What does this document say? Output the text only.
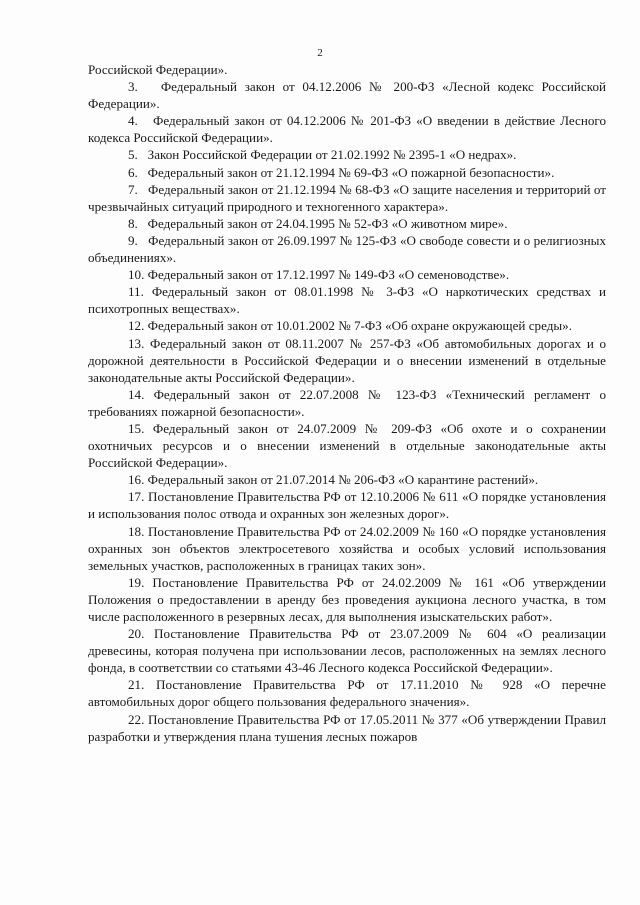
2

Российской Федерации».

3.   Федеральный закон от 04.12.2006 № 200-ФЗ «Лесной кодекс Российской Федерации».

4.   Федеральный закон от 04.12.2006 № 201-ФЗ «О введении в действие Лесного кодекса Российской Федерации».

5.   Закон Российской Федерации от 21.02.1992 № 2395-1 «О недрах».

6.   Федеральный закон от 21.12.1994 № 69-ФЗ «О пожарной безопасности».

7.   Федеральный закон от 21.12.1994 № 68-ФЗ «О защите населения и территорий от чрезвычайных ситуаций природного и техногенного характера».

8.   Федеральный закон от 24.04.1995 № 52-ФЗ «О животном мире».

9.   Федеральный закон от 26.09.1997 № 125-ФЗ «О свободе совести и о религиозных объединениях».

10. Федеральный закон от 17.12.1997 № 149-ФЗ «О семеноводстве».

11. Федеральный закон от 08.01.1998 № 3-ФЗ «О наркотических средствах и психотропных веществах».

12. Федеральный закон от 10.01.2002 № 7-ФЗ «Об охране окружающей среды».

13. Федеральный закон от 08.11.2007 № 257-ФЗ «Об автомобильных дорогах и о дорожной деятельности в Российской Федерации и о внесении изменений в отдельные законодательные акты Российской Федерации».

14. Федеральный закон от 22.07.2008 № 123-ФЗ «Технический регламент о требованиях пожарной безопасности».

15. Федеральный закон от 24.07.2009 № 209-ФЗ «Об охоте и о сохранении охотничьих ресурсов и о внесении изменений в отдельные законодательные акты Российской Федерации».

16. Федеральный закон от 21.07.2014 № 206-ФЗ «О карантине растений».

17. Постановление Правительства РФ от 12.10.2006 № 611 «О порядке установления и использования полос отвода и охранных зон железных дорог».

18. Постановление Правительства РФ от 24.02.2009 № 160 «О порядке установления охранных зон объектов электросетевого хозяйства и особых условий использования земельных участков, расположенных в границах таких зон».

19. Постановление Правительства РФ от 24.02.2009 № 161 «Об утверждении Положения о предоставлении в аренду без проведения аукциона лесного участка, в том числе расположенного в резервных лесах, для выполнения изыскательских работ».

20. Постановление Правительства РФ от 23.07.2009 № 604 «О реализации древесины, которая получена при использовании лесов, расположенных на землях лесного фонда, в соответствии со статьями 43-46 Лесного кодекса Российской Федерации».

21. Постановление Правительства РФ от 17.11.2010 № 928 «О перечне автомобильных дорог общего пользования федерального значения».

22. Постановление Правительства РФ от 17.05.2011 № 377 «Об утверждении Правил разработки и утверждения плана тушения лесных пожаров
